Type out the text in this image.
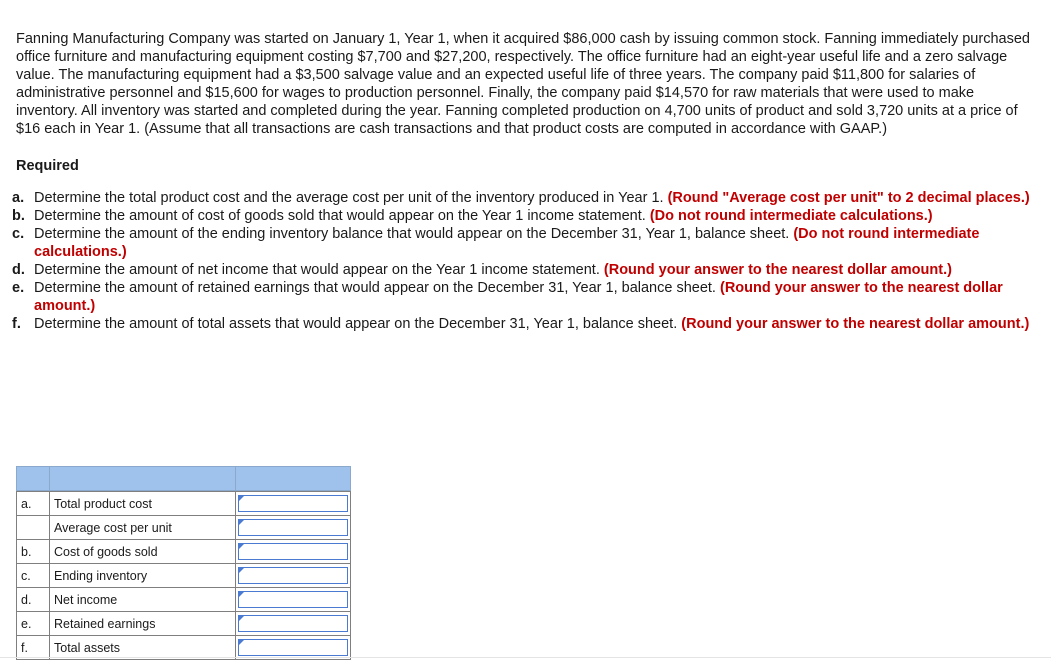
Fanning Manufacturing Company was started on January 1, Year 1, when it acquired $86,000 cash by issuing common stock. Fanning immediately purchased office furniture and manufacturing equipment costing $7,700 and $27,200, respectively. The office furniture had an eight-year useful life and a zero salvage value. The manufacturing equipment had a $3,500 salvage value and an expected useful life of three years. The company paid $11,800 for salaries of administrative personnel and $15,600 for wages to production personnel. Finally, the company paid $14,570 for raw materials that were used to make inventory. All inventory was started and completed during the year. Fanning completed production on 4,700 units of product and sold 3,720 units at a price of $16 each in Year 1. (Assume that all transactions are cash transactions and that product costs are computed in accordance with GAAP.)

Required
a. Determine the total product cost and the average cost per unit of the inventory produced in Year 1. (Round "Average cost per unit" to 2 decimal places.)
b. Determine the amount of cost of goods sold that would appear on the Year 1 income statement. (Do not round intermediate calculations.)
c. Determine the amount of the ending inventory balance that would appear on the December 31, Year 1, balance sheet. (Do not round intermediate calculations.)
d. Determine the amount of net income that would appear on the Year 1 income statement. (Round your answer to the nearest dollar amount.)
e. Determine the amount of retained earnings that would appear on the December 31, Year 1, balance sheet. (Round your answer to the nearest dollar amount.)
f. Determine the amount of total assets that would appear on the December 31, Year 1, balance sheet. (Round your answer to the nearest dollar amount.)

a.	Total product cost	

	Average cost per unit	

b.	Cost of goods sold	

c.	Ending inventory	

d.	Net income	

e.	Retained earnings	

f.	Total assets	
